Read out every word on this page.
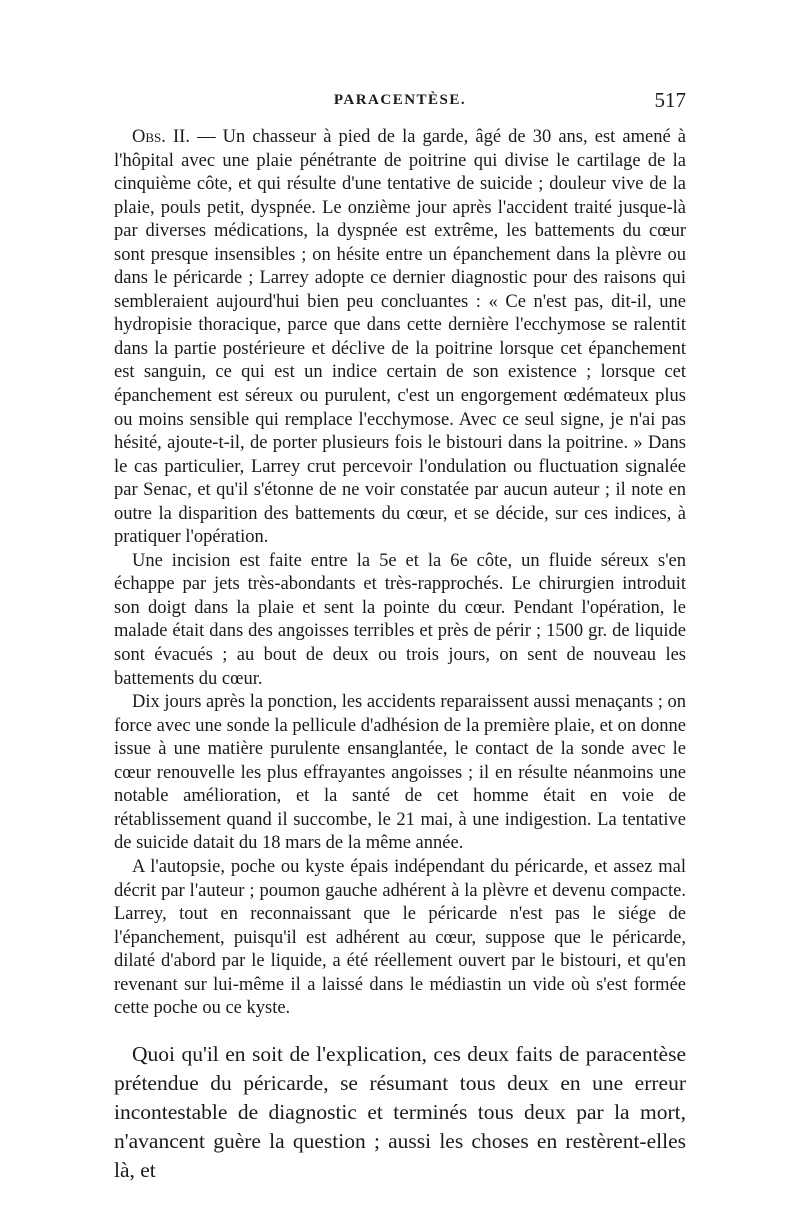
PARACENTÈSE.	517

Obs. II. — Un chasseur à pied de la garde, âgé de 30 ans, est amené à l'hôpital avec une plaie pénétrante de poitrine qui divise le cartilage de la cinquième côte, et qui résulte d'une tentative de suicide ; douleur vive de la plaie, pouls petit, dyspnée. Le onzième jour après l'accident traité jusque-là par diverses médications, la dyspnée est extrême, les battements du cœur sont presque insensibles ; on hésite entre un épanchement dans la plèvre ou dans le péricarde ; Larrey adopte ce dernier diagnostic pour des raisons qui sembleraient aujourd'hui bien peu concluantes : « Ce n'est pas, dit-il, une hydropisie thoracique, parce que dans cette dernière l'ecchymose se ralentit dans la partie postérieure et déclive de la poitrine lorsque cet épanchement est sanguin, ce qui est un indice certain de son existence ; lorsque cet épanchement est séreux ou purulent, c'est un engorgement œdémateux plus ou moins sensible qui remplace l'ecchymose. Avec ce seul signe, je n'ai pas hésité, ajoute-t-il, de porter plusieurs fois le bistouri dans la poitrine. » Dans le cas particulier, Larrey crut percevoir l'ondulation ou fluctuation signalée par Senac, et qu'il s'étonne de ne voir constatée par aucun auteur ; il note en outre la disparition des battements du cœur, et se décide, sur ces indices, à pratiquer l'opération.

Une incision est faite entre la 5e et la 6e côte, un fluide séreux s'en échappe par jets très-abondants et très-rapprochés. Le chirurgien introduit son doigt dans la plaie et sent la pointe du cœur. Pendant l'opération, le malade était dans des angoisses terribles et près de périr ; 1500 gr. de liquide sont évacués ; au bout de deux ou trois jours, on sent de nouveau les battements du cœur.

Dix jours après la ponction, les accidents reparaissent aussi menaçants ; on force avec une sonde la pellicule d'adhésion de la première plaie, et on donne issue à une matière purulente ensanglantée, le contact de la sonde avec le cœur renouvelle les plus effrayantes angoisses ; il en résulte néanmoins une notable amélioration, et la santé de cet homme était en voie de rétablissement quand il succombe, le 21 mai, à une indigestion. La tentative de suicide datait du 18 mars de la même année.

A l'autopsie, poche ou kyste épais indépendant du péricarde, et assez mal décrit par l'auteur ; poumon gauche adhérent à la plèvre et devenu compacte. Larrey, tout en reconnaissant que le péricarde n'est pas le siége de l'épanchement, puisqu'il est adhérent au cœur, suppose que le péricarde, dilaté d'abord par le liquide, a été réellement ouvert par le bistouri, et qu'en revenant sur lui-même il a laissé dans le médiastin un vide où s'est formée cette poche ou ce kyste.

Quoi qu'il en soit de l'explication, ces deux faits de paracentèse prétendue du péricarde, se résumant tous deux en une erreur incontestable de diagnostic et terminés tous deux par la mort, n'avancent guère la question ; aussi les choses en restèrent-elles là, et
